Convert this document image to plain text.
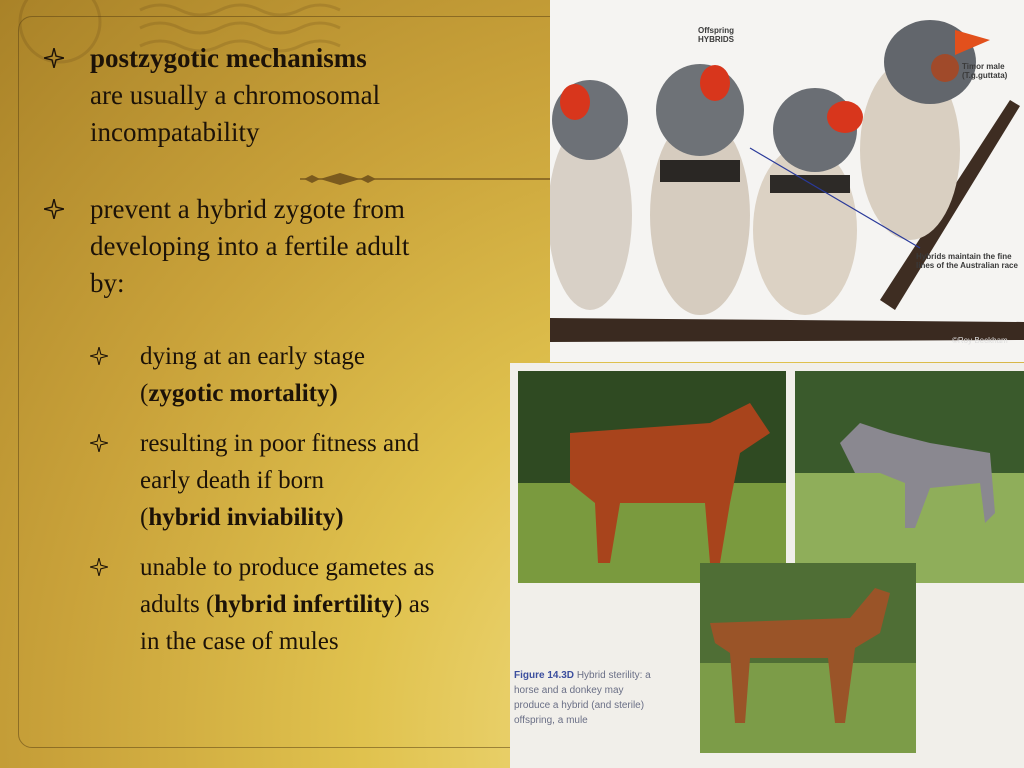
postzygotic mechanisms
are usually a chromosomal incompatability
prevent a hybrid zygote from developing into a fertile adult by:
dying at an early stage
(zygotic mortality)
resulting in poor fitness and early death if born
(hybrid inviability)
unable to produce gametes as adults (hybrid infertility) as in the case of mules
Offspring HYBRIDS
Timor male (T.g.guttata)
Hybrids maintain the fine lines of the Australian race
©Roy Beckham
Figure 14.3D Hybrid sterility: a horse and a donkey may produce a hybrid (and sterile) offspring, a mule
